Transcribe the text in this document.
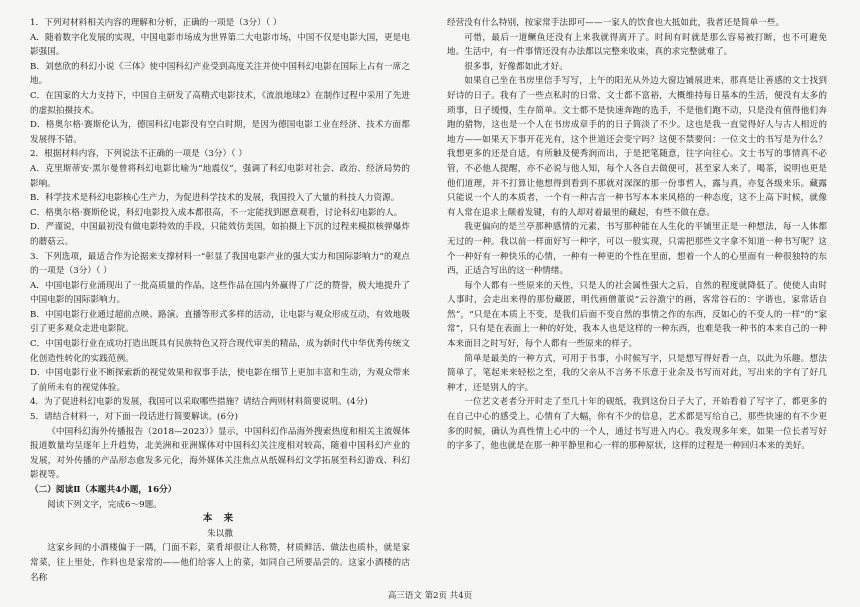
1．下列对材料相关内容的理解和分析，正确的一项是（3分）（ ）

A．随着数字化发展的实现，中国电影市场成为世界第二大电影市场，中国不仅是电影大国，更是电影强国。

B．刘慈欣的科幻小说《三体》使中国科幻产业受到高度关注并使中国科幻电影在国际上占有一席之地。

C．在国家的大力支持下，中国自主研发了高精式电影技术，《流浪地球2》在制作过程中采用了先进的虚拟拍摄技术。

D．格奥尔格·赛斯伦认为，德国科幻电影没有空白时期，是因为德国电影工业在经济、技术方面都发展得不错。

2．根据材料内容，下列说法不正确的一项是（3分）（ ）

A．克里斯蒂安·黑尔曼曾将科幻电影比喻为“地震仪”，强调了科幻电影对社会、政治、经济局势的影响。

B．科学技术是科幻电影核心生产力，为促进科学技术的发展，我国投入了大量的科技人力资源。

C．格奥尔格·赛斯伦说，科幻电影投入成本都很高，不一定能找到愿意观看，讨论科幻电影的人。

D．严谨说，中国最初没有做电影特效的手段，只能效仿美国，如拍摄上下沉的过程来模拟核弹爆炸的蘑菇云。

3．下列选项，最适合作为论据来支撑材料一“彰显了我国电影产业的强大实力和国际影响力”的观点的一项是（3分）（ ）

A．中国电影行业涌现出了一批高质量的作品，这些作品在国内外赢得了广泛的赞誉，极大地提升了中国电影的国际影响力。

B．中国电影行业通过超前点映、路演、直播等形式多样的活动，让电影与观众形成互动，有效地吸引了更多观众走进电影院。

C．中国电影行业在成功打造出既具有民族特色又符合现代审美的精品，成为新时代中华优秀传统文化创造性转化的实践范例。

D．中国电影行业不断探索新的视觉效果和叙事手法，使电影在细节上更加丰富和生动，为观众带来了前所未有的视觉体验。

4．为了促进科幻电影的发展，我国可以采取哪些措施？请结合两则材料简要说明。(4分)

5．请结合材料一，对下面一段话进行简要解读。(6分)

《中国科幻海外传播报告（2018—2023）》显示，中国科幻作品海外搜索热度和相关主流媒体报道数量均呈逐年上升趋势，北美洲和亚洲媒体对中国科幻关注度相对较高，随着中国科幻产业的发展，对外传播的产品形态愈发多元化，海外媒体关注焦点从纸媒科幻文学拓展至科幻游戏、科幻影视等。

（二）阅读Ⅱ（本题共4小题，16分）

阅读下列文字，完成6～9题。

本 来

朱以撒

这家乡间的小酒楼偏于一隅，门面不彩，菜肴却很让人称赞，材质鲜活、做法也质朴，就是家常菜，往上里处，作料也是家常的——他们给客人上的菜，如同自己所要品尝的。这家小酒楼的店名称

经营没有什么特别，按家常手法即可——一家人的饮食也大抵如此，我者还是简单一些。

可惜，最后一道鳜鱼还没有上来我就得离开了。时间有时就是那么容易被打断，也不可避免地。生活中，有一件事情还没有办法都以完整来收束，真的求完整就难了。

很多事，好像都如此才好。

如果自己坐在书房里信手写写，上午的阳光从外边大窗边铺展进来，那真是让善感的文士找到好诗的日子。我有了一些点私时的日常、文士都不富裕，大概维持每日基本的生活，便没有太多的琐事，日子缓慢，生存简单。文士都不是快速奔跑的选手，不是他们跑不动，只是没有值得他们奔跑的猎物，这也是一个人在书房成章手的的日子简淡了不少。这也是我一直觉得好人与古人相近的地方——如果天下事开花光有，这个世道还会变宁吗？这便不禁要问：一位文士的书写是为什么？我想更多的还是自适，有所触及便秀润而出，于是把笔随意，往字向往心。文士书写的事情真不必管，不必他人提醒，亦不必说与他人知，每个人各自去做便可，甚至家人来了，喝茶，说明也更是他们道理，并不打算让他想得到看到不那就对深深的那一份事哲人，露与真，亦复各级来乐。藏露只能说一个人的本质者，一个有一种古言一种书写本本来风格的一种态度，这不上高下时候，就像有人常在追求上颠着发键，有的人却对着最里的藏起，有些不做在意。

我更偏向的是兰亭那种感情的元素，书写那种能在人生化的平铺里正是一种想法，每一人体都无过的一种。我以前一样面好写一种字，可以一般实现，只需把那些文字拿不知道一种书写呢？这个一种好有一种快乐的心情，一种有一种更的个性在里面，想着一个人的心里面有一种很独特的东西，正适合写出的这一种情绪。

每个人都有一些原来的天性，只是人的社会属性强大之后，自然的程度就降低了。使使人由时人事时，会走出来得的那份藏匿，明代画僧董说“云谷澹宁的画，客常谷石的：字谐也，家常话自然”，“只是在本质上不变，是我们后面不变自然的事情之作的东西，反如心的不变人的一样”的“家常”，只有是在表面上一种的好处，我本人也是这样的一种东西，也难是我一种书的本来自己的一种本来面目之时写好，每个人都有一些原来的样子。

简单是最美的一种方式，可用于书事，小时候写字，只是想写得好看一点，以此为乐趣。想法简单了，笔起来来轻松之至，我的父亲从不言务不乐意于业余及书写而对此，写出来的字有了好几种才，还是别人的字。

一位艺文老者分开时走了至几十年的砚纸，我到这份日子大了，开始看着了写字了，都更多的在自己中心的感受上，心情有了大幅，你有不少的信息，艺术都是写给自己，那些快速的有不少更多的时候，确认为真性情上心中的一个人，通过书写进入内心。我发现多年来，如果一位长者写好的字多了，他也就是在那一种平静里和心一样的那种原状，这样的过程是一种回归本来的美好。

高三语文 第2页 共4页
